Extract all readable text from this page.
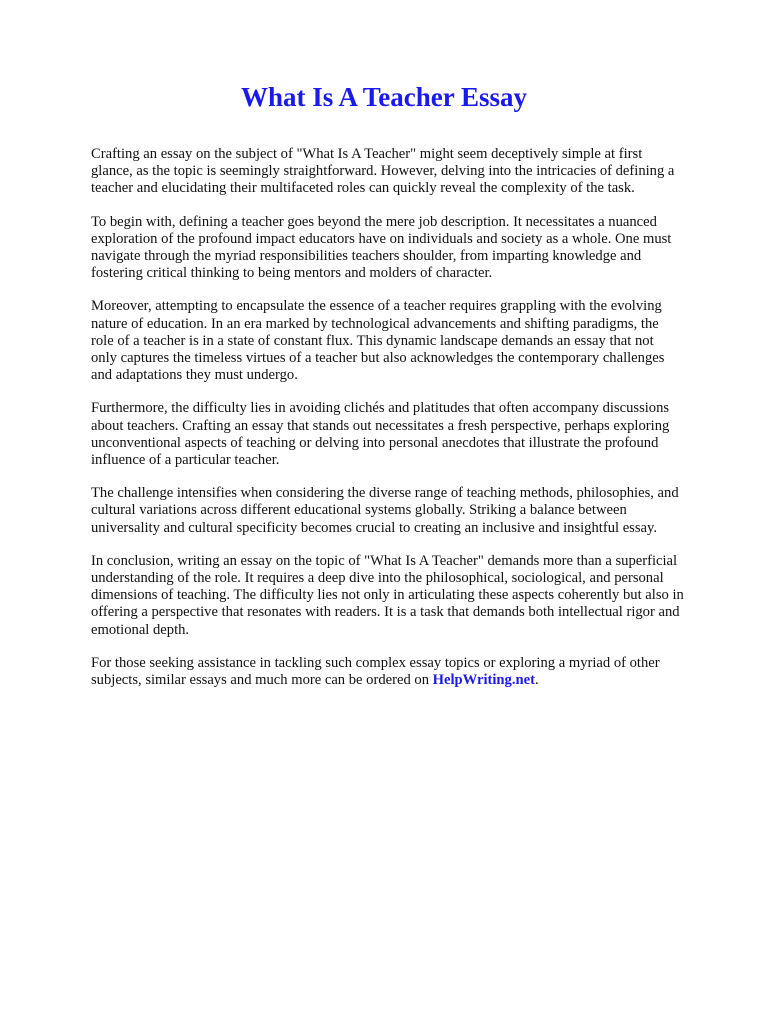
What Is A Teacher Essay

Crafting an essay on the subject of "What Is A Teacher" might seem deceptively simple at first
glance, as the topic is seemingly straightforward. However, delving into the intricacies of defining a
teacher and elucidating their multifaceted roles can quickly reveal the complexity of the task.

To begin with, defining a teacher goes beyond the mere job description. It necessitates a nuanced
exploration of the profound impact educators have on individuals and society as a whole. One must
navigate through the myriad responsibilities teachers shoulder, from imparting knowledge and
fostering critical thinking to being mentors and molders of character.

Moreover, attempting to encapsulate the essence of a teacher requires grappling with the evolving
nature of education. In an era marked by technological advancements and shifting paradigms, the
role of a teacher is in a state of constant flux. This dynamic landscape demands an essay that not
only captures the timeless virtues of a teacher but also acknowledges the contemporary challenges
and adaptations they must undergo.

Furthermore, the difficulty lies in avoiding clichés and platitudes that often accompany discussions
about teachers. Crafting an essay that stands out necessitates a fresh perspective, perhaps exploring
unconventional aspects of teaching or delving into personal anecdotes that illustrate the profound
influence of a particular teacher.

The challenge intensifies when considering the diverse range of teaching methods, philosophies, and
cultural variations across different educational systems globally. Striking a balance between
universality and cultural specificity becomes crucial to creating an inclusive and insightful essay.

In conclusion, writing an essay on the topic of "What Is A Teacher" demands more than a superficial
understanding of the role. It requires a deep dive into the philosophical, sociological, and personal
dimensions of teaching. The difficulty lies not only in articulating these aspects coherently but also in
offering a perspective that resonates with readers. It is a task that demands both intellectual rigor and
emotional depth.

For those seeking assistance in tackling such complex essay topics or exploring a myriad of other
subjects, similar essays and much more can be ordered on HelpWriting.net.
